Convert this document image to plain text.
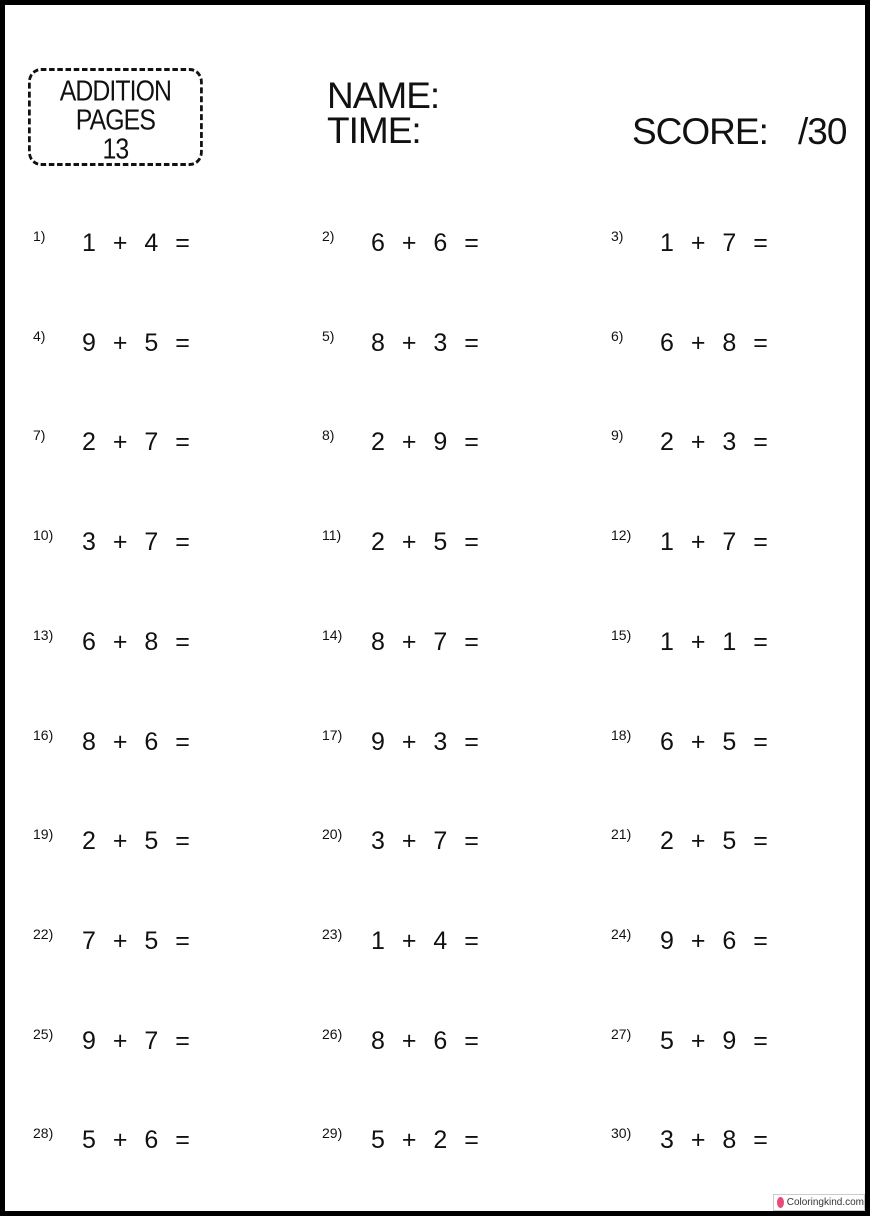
ADDITION
PAGES
13
NAME:
TIME:	SCORE: /30
1)	1 + 4 =	2)	6 + 6 =	3)	1 + 7 =
4)	9 + 5 =	5)	8 + 3 =	6)	6 + 8 =
7)	2 + 7 =	8)	2 + 9 =	9)	2 + 3 =
10)	3 + 7 =	11)	2 + 5 =	12)	1 + 7 =
13)	6 + 8 =	14)	8 + 7 =	15)	1 + 1 =
16)	8 + 6 =	17)	9 + 3 =	18)	6 + 5 =
19)	2 + 5 =	20)	3 + 7 =	21)	2 + 5 =
22)	7 + 5 =	23)	1 + 4 =	24)	9 + 6 =
25)	9 + 7 =	26)	8 + 6 =	27)	5 + 9 =
28)	5 + 6 =	29)	5 + 2 =	30)	3 + 8 =
Coloringkind.com
